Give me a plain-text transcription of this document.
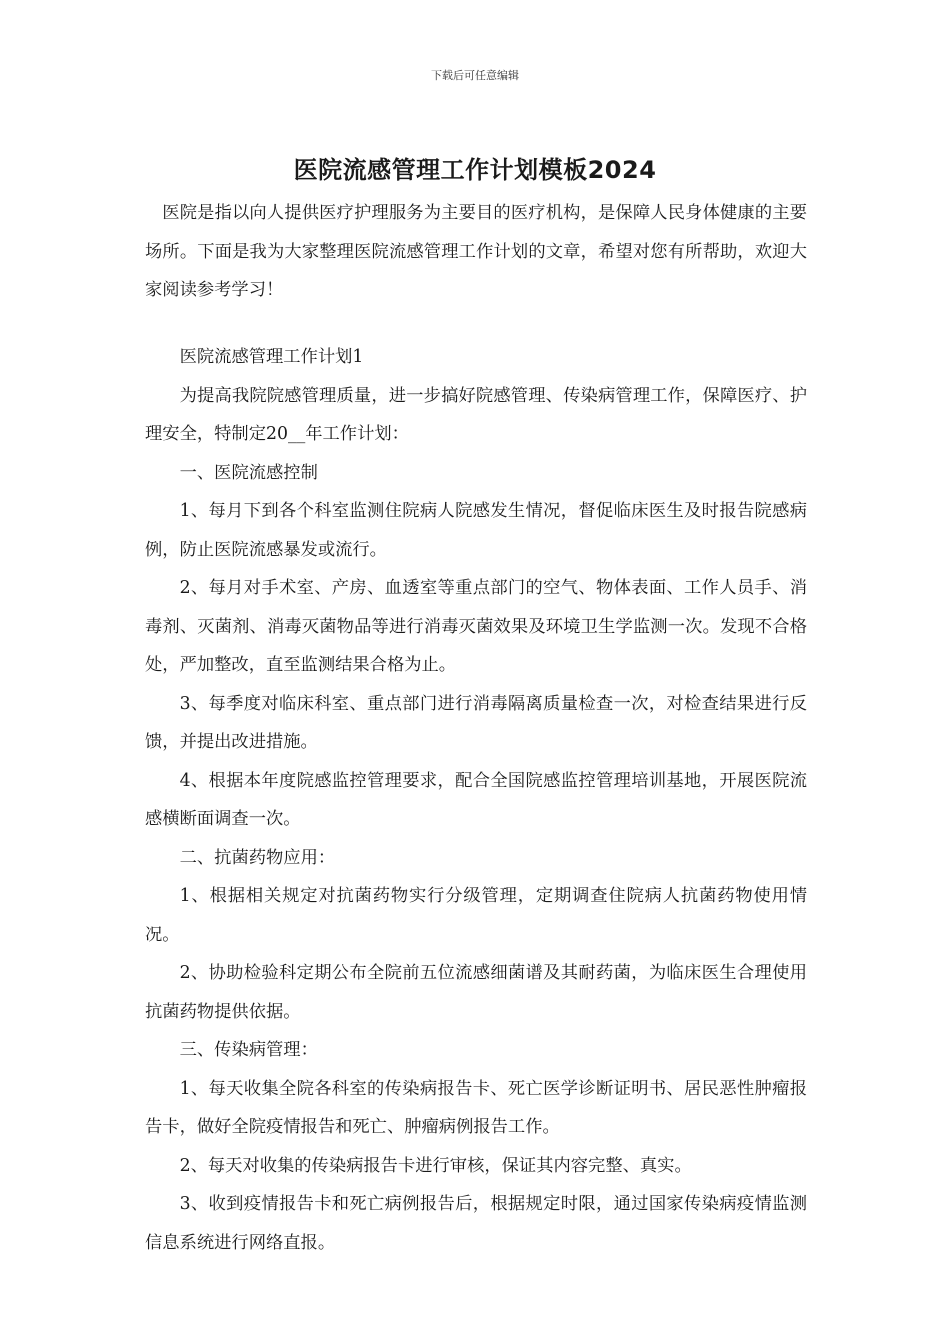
下载后可任意编辑
医院流感管理工作计划模板2024

医院是指以向人提供医疗护理服务为主要目的医疗机构，是保障人民身体健康的主要场所。下面是我为大家整理医院流感管理工作计划的文章，希望对您有所帮助，欢迎大家阅读参考学习！

医院流感管理工作计划1

为提高我院院感管理质量，进一步搞好院感管理、传染病管理工作，保障医疗、护理安全，特制定20__年工作计划：

一、医院流感控制

1、每月下到各个科室监测住院病人院感发生情况，督促临床医生及时报告院感病例，防止医院流感暴发或流行。

2、每月对手术室、产房、血透室等重点部门的空气、物体表面、工作人员手、消毒剂、灭菌剂、消毒灭菌物品等进行消毒灭菌效果及环境卫生学监测一次。发现不合格处，严加整改，直至监测结果合格为止。

3、每季度对临床科室、重点部门进行消毒隔离质量检查一次，对检查结果进行反馈，并提出改进措施。

4、根据本年度院感监控管理要求，配合全国院感监控管理培训基地，开展医院流感横断面调查一次。

二、抗菌药物应用：

1、根据相关规定对抗菌药物实行分级管理，定期调查住院病人抗菌药物使用情况。

2、协助检验科定期公布全院前五位流感细菌谱及其耐药菌，为临床医生合理使用抗菌药物提供依据。

三、传染病管理：

1、每天收集全院各科室的传染病报告卡、死亡医学诊断证明书、居民恶性肿瘤报告卡，做好全院疫情报告和死亡、肿瘤病例报告工作。

2、每天对收集的传染病报告卡进行审核，保证其内容完整、真实。

3、收到疫情报告卡和死亡病例报告后，根据规定时限，通过国家传染病疫情监测信息系统进行网络直报。
